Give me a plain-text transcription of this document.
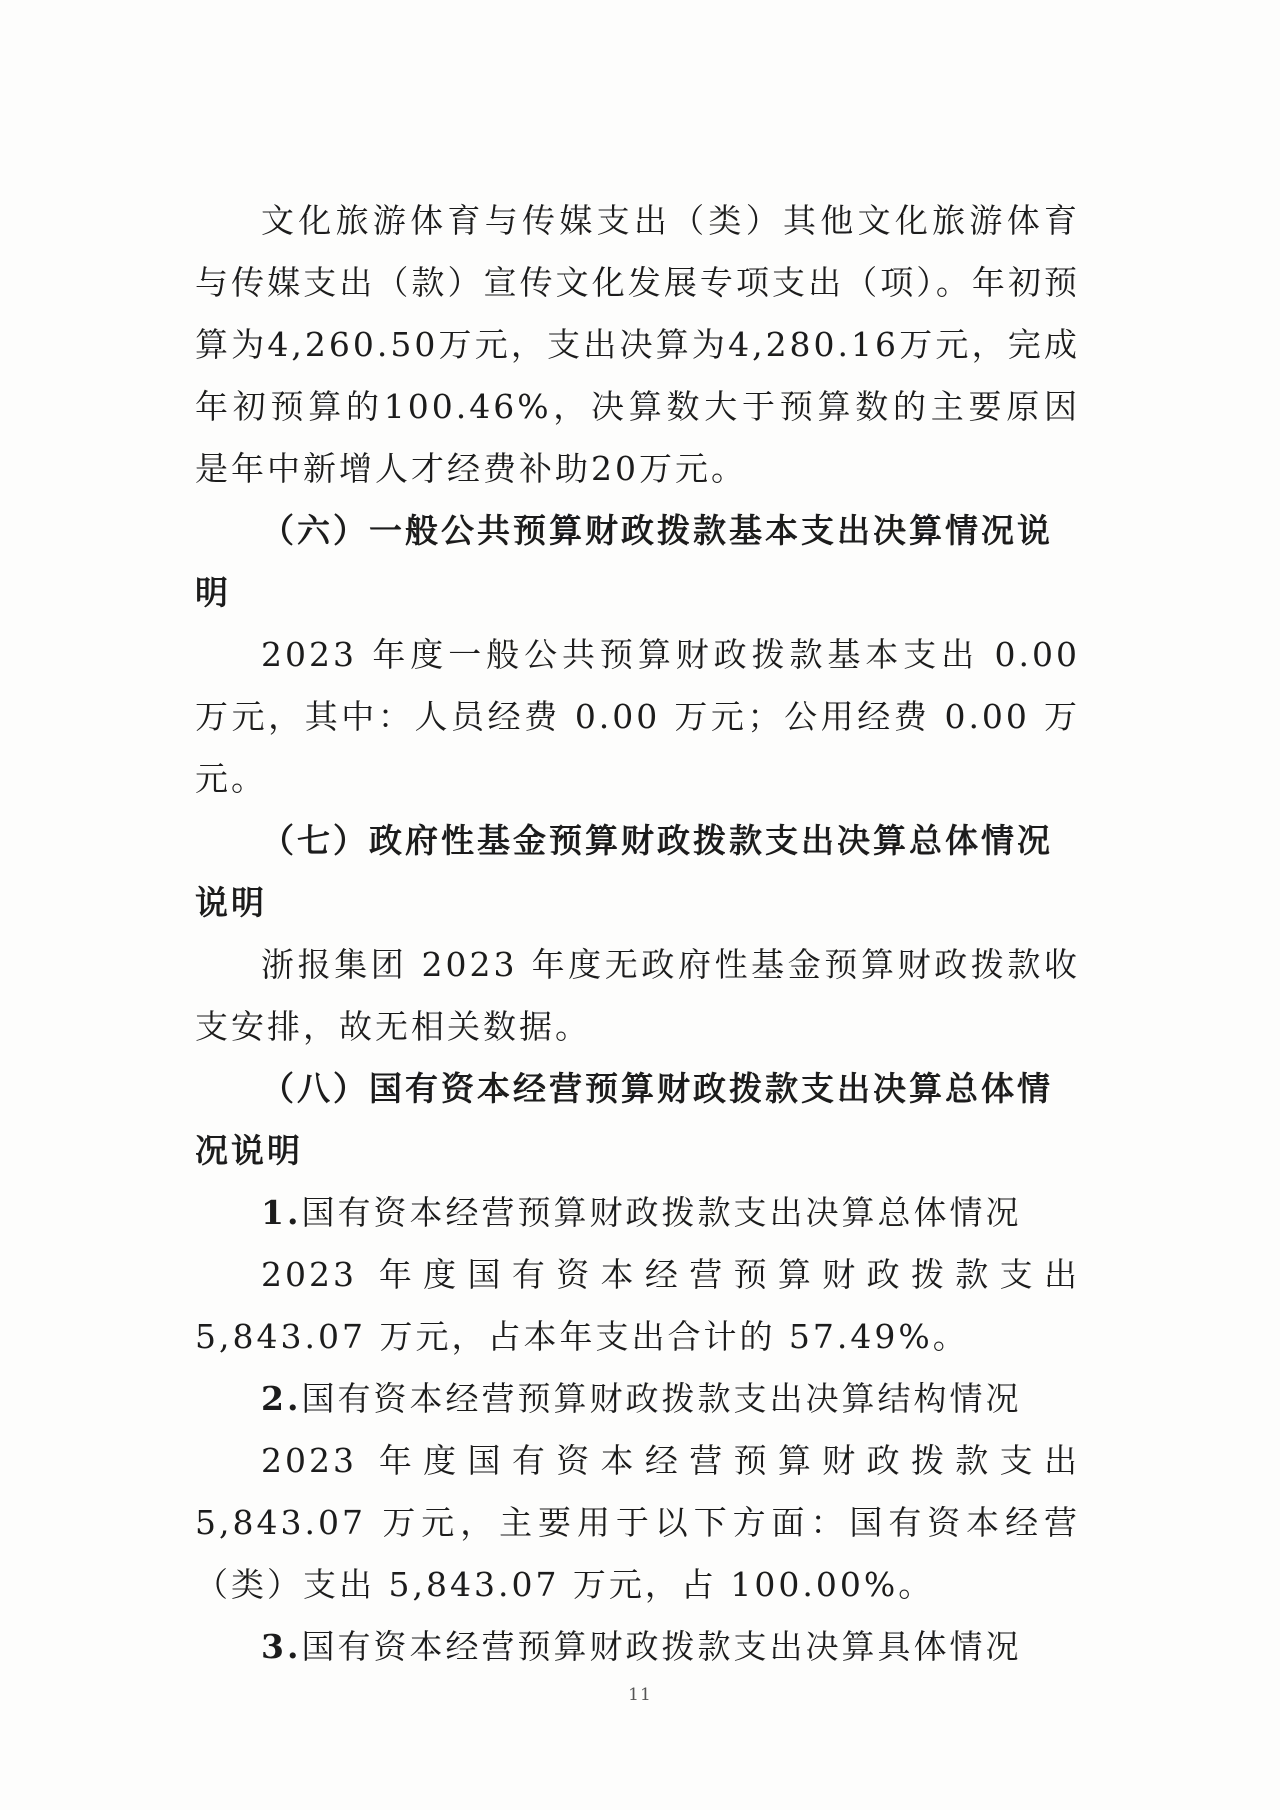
文化旅游体育与传媒支出（类）其他文化旅游体育与传媒支出（款）宣传文化发展专项支出（项）。年初预算为4,260.50万元，支出决算为4,280.16万元，完成年初预算的100.46%，决算数大于预算数的主要原因是年中新增人才经费补助20万元。

（六）一般公共预算财政拨款基本支出决算情况说明

2023 年度一般公共预算财政拨款基本支出 0.00 万元，其中：人员经费 0.00 万元；公用经费 0.00 万元。

（七）政府性基金预算财政拨款支出决算总体情况说明

浙报集团 2023 年度无政府性基金预算财政拨款收支安排，故无相关数据。

（八）国有资本经营预算财政拨款支出决算总体情况说明

1.国有资本经营预算财政拨款支出决算总体情况

2023 年度国有资本经营预算财政拨款支出 5,843.07 万元，占本年支出合计的 57.49%。

2.国有资本经营预算财政拨款支出决算结构情况

2023 年度国有资本经营预算财政拨款支出 5,843.07 万元，主要用于以下方面：国有资本经营（类）支出 5,843.07 万元，占 100.00%。

3.国有资本经营预算财政拨款支出决算具体情况

11
